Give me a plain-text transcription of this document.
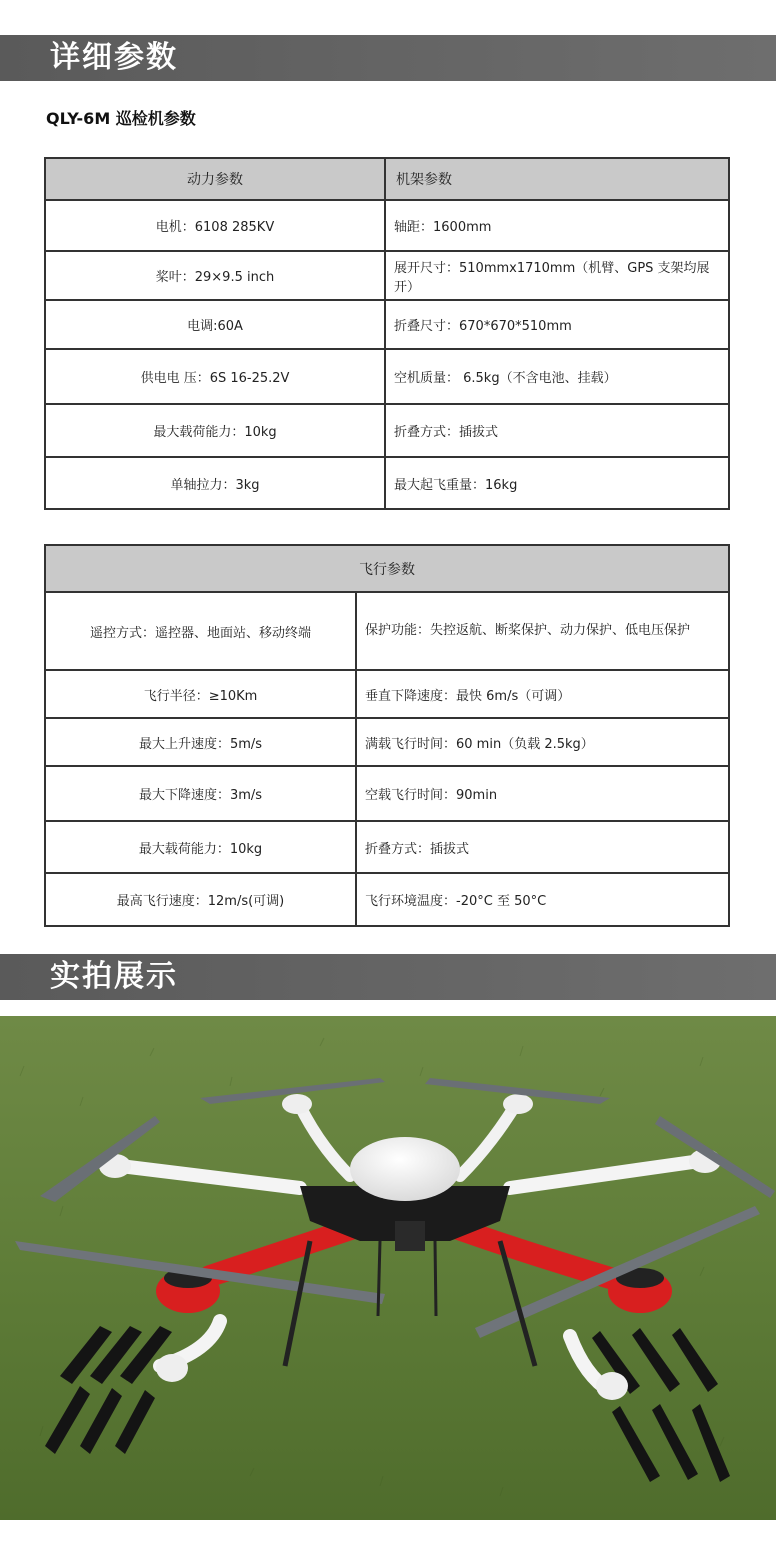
详细参数
QLY-6M 巡检机参数
动力参数	机架参数
电机：6108 285KV	轴距：1600mm
桨叶：29×9.5 inch	展开尺寸：510mmx1710mm（机臂、GPS 支架均展开）
电调:60A	折叠尺寸：670*670*510mm
供电电 压：6S 16-25.2V	空机质量： 6.5kg（不含电池、挂载）
最大载荷能力：10kg	折叠方式：插拔式
单轴拉力：3kg	最大起飞重量：16kg
飞行参数	
遥控方式：遥控器、地面站、移动终端	保护功能：失控返航、断桨保护、动力保护、低电压保护
飞行半径：≥10Km	垂直下降速度：最快 6m/s（可调）
最大上升速度：5m/s	满载飞行时间：60 min（负载 2.5kg）
最大下降速度：3m/s	空载飞行时间：90min
最大载荷能力：10kg	折叠方式：插拔式
最高飞行速度：12m/s(可调)	飞行环境温度：-20°C 至 50°C
实拍展示
